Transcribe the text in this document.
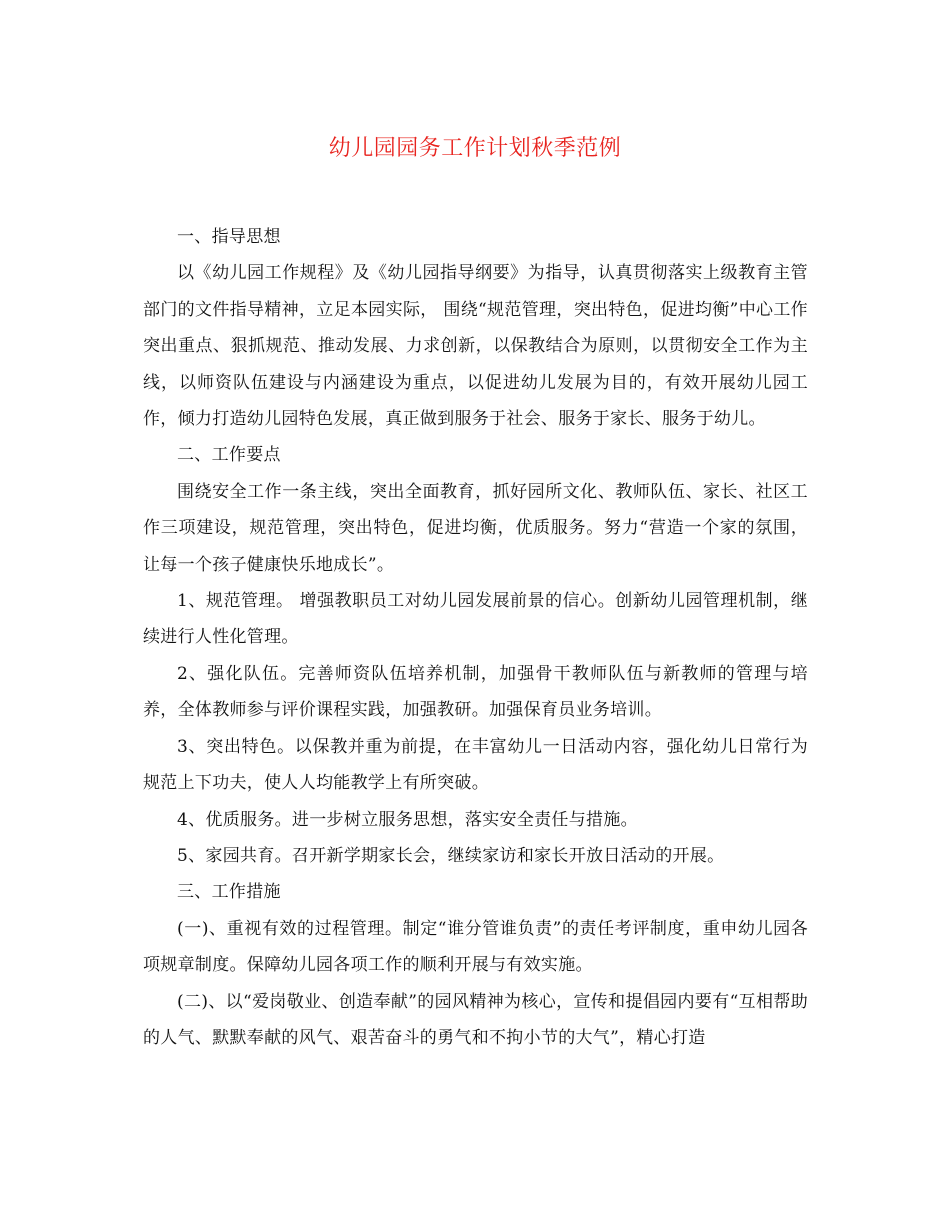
幼儿园园务工作计划秋季范例

一、指导思想

以《幼儿园工作规程》及《幼儿园指导纲要》为指导，认真贯彻落实上级教育主管部门的文件指导精神，立足本园实际， 围绕“规范管理，突出特色，促进均衡”中心工作突出重点、狠抓规范、推动发展、力求创新，以保教结合为原则，以贯彻安全工作为主线，以师资队伍建设与内涵建设为重点，以促进幼儿发展为目的，有效开展幼儿园工作，倾力打造幼儿园特色发展，真正做到服务于社会、服务于家长、服务于幼儿。

二、工作要点

围绕安全工作一条主线，突出全面教育，抓好园所文化、教师队伍、家长、社区工作三项建设，规范管理，突出特色，促进均衡，优质服务。努力“营造一个家的氛围，让每一个孩子健康快乐地成长”。

1、规范管理。 增强教职员工对幼儿园发展前景的信心。创新幼儿园管理机制，继续进行人性化管理。

2、强化队伍。完善师资队伍培养机制，加强骨干教师队伍与新教师的管理与培养，全体教师参与评价课程实践，加强教研。加强保育员业务培训。

3、突出特色。以保教并重为前提，在丰富幼儿一日活动内容，强化幼儿日常行为规范上下功夫，使人人均能教学上有所突破。

4、优质服务。进一步树立服务思想，落实安全责任与措施。

5、家园共育。召开新学期家长会，继续家访和家长开放日活动的开展。

三、工作措施

(一)、重视有效的过程管理。制定“谁分管谁负责”的责任考评制度，重申幼儿园各项规章制度。保障幼儿园各项工作的顺利开展与有效实施。

(二)、以“爱岗敬业、创造奉献”的园风精神为核心，宣传和提倡园内要有“互相帮助的人气、默默奉献的风气、艰苦奋斗的勇气和不拘小节的大气”，精心打造
